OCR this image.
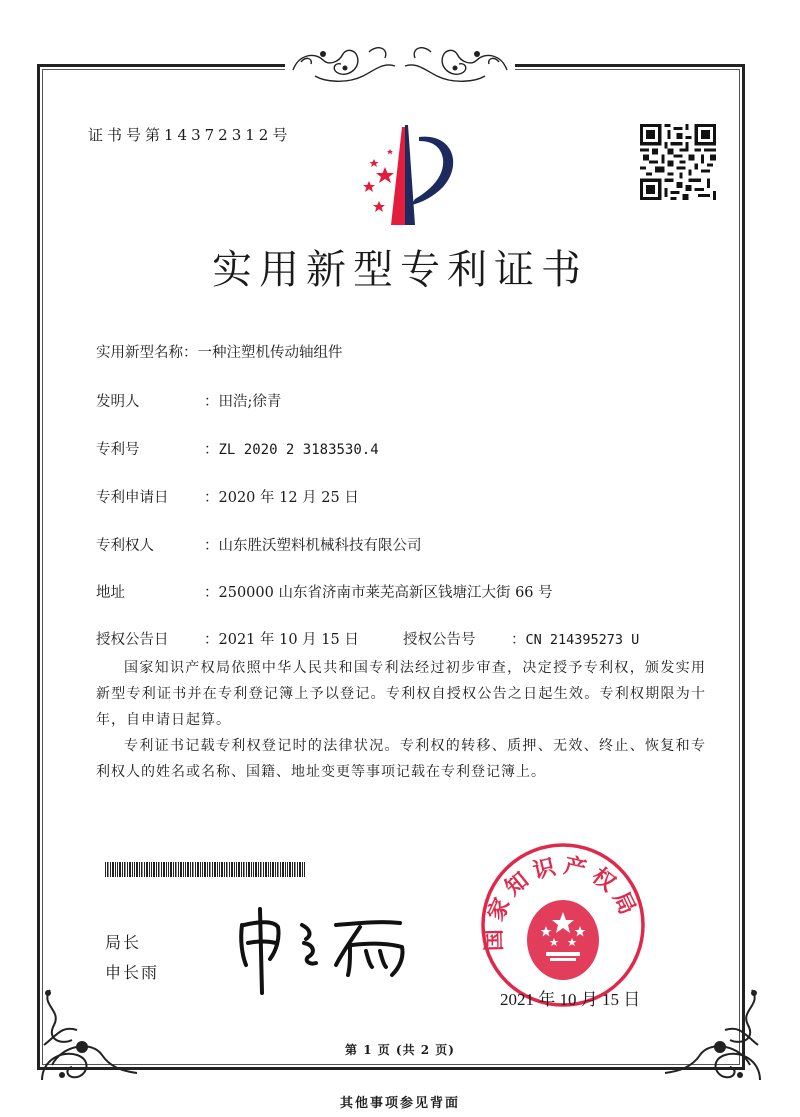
证书号第14372312号
实用新型专利证书
实用新型名称：一种注塑机传动轴组件
发明人	：田浩;徐青
专利号	：ZL 2020 2 3183530.4
专利申请日 ：2020 年 12 月 25 日
专利权人	：山东胜沃塑料机械科技有限公司
地址	：250000 山东省济南市莱芜高新区钱塘江大街 66 号
授权公告日 ：2021 年 10 月 15 日	授权公告号 ：CN 214395273 U

国家知识产权局依照中华人民共和国专利法经过初步审查，决定授予专利权，颁发实用新型专利证书并在专利登记簿上予以登记。专利权自授权公告之日起生效。专利权期限为十年，自申请日起算。

专利证书记载专利权登记时的法律状况。专利权的转移、质押、无效、终止、恢复和专利权人的姓名或名称、国籍、地址变更等事项记载在专利登记簿上。

局长
申长雨
国家知识产权局
2021 年 10 月 15 日
第 1 页 (共 2 页)
其他事项参见背面
